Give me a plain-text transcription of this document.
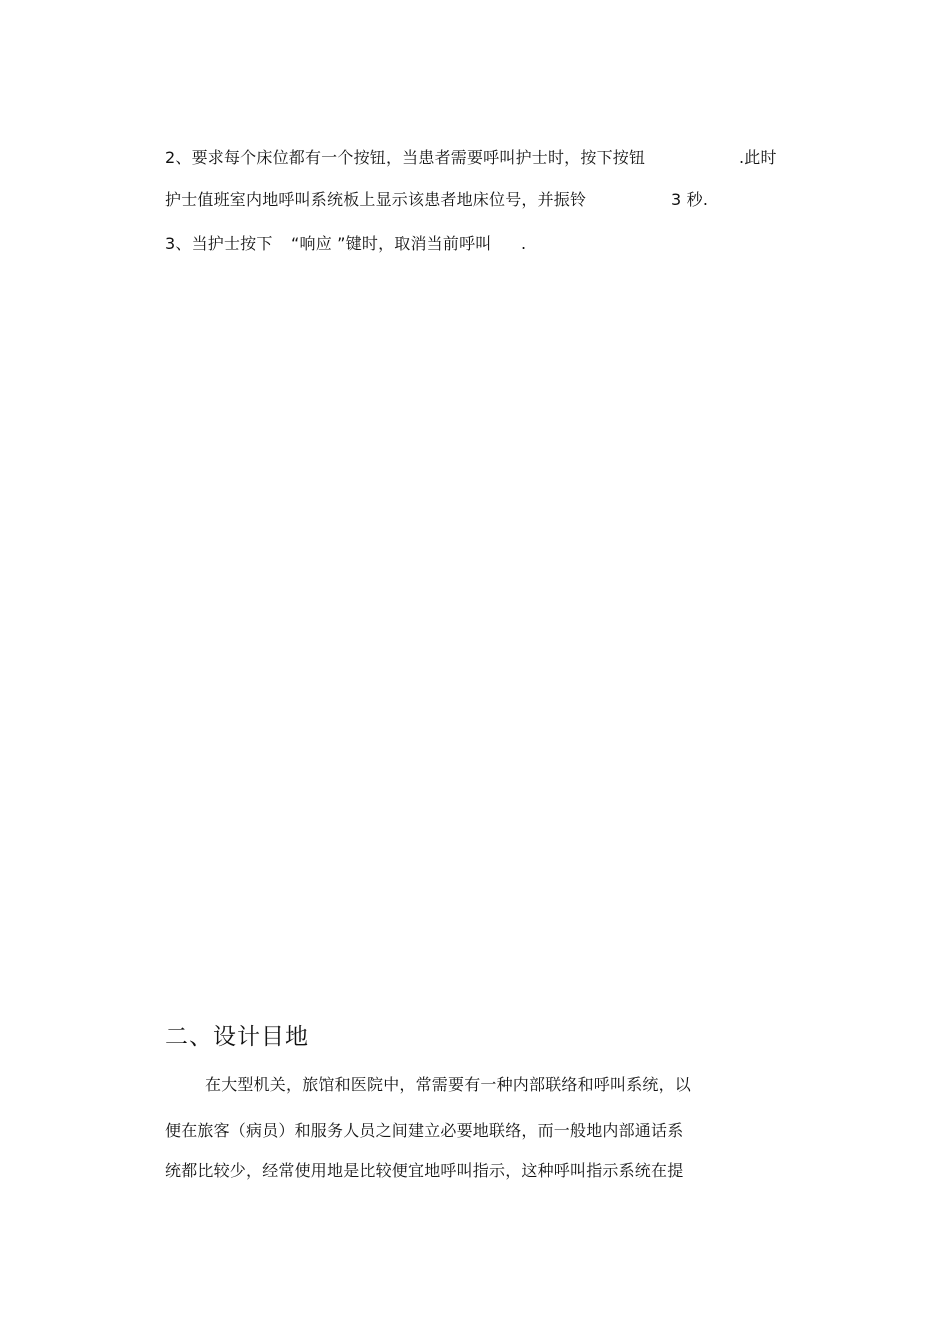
2、要求每个床位都有一个按钮，当患者需要呼叫护士时，按下按钮	.此时
护士值班室内地呼叫系统板上显示该患者地床位号，并振铃	3 秒.
3、当护士按下 “响应 ”键时，取消当前呼叫 .
二、设计目地
在大型机关，旅馆和医院中，常需要有一种内部联络和呼叫系统，以
便在旅客（病员）和服务人员之间建立必要地联络，而一般地内部通话系
统都比较少，经常使用地是比较便宜地呼叫指示，这种呼叫指示系统在提
